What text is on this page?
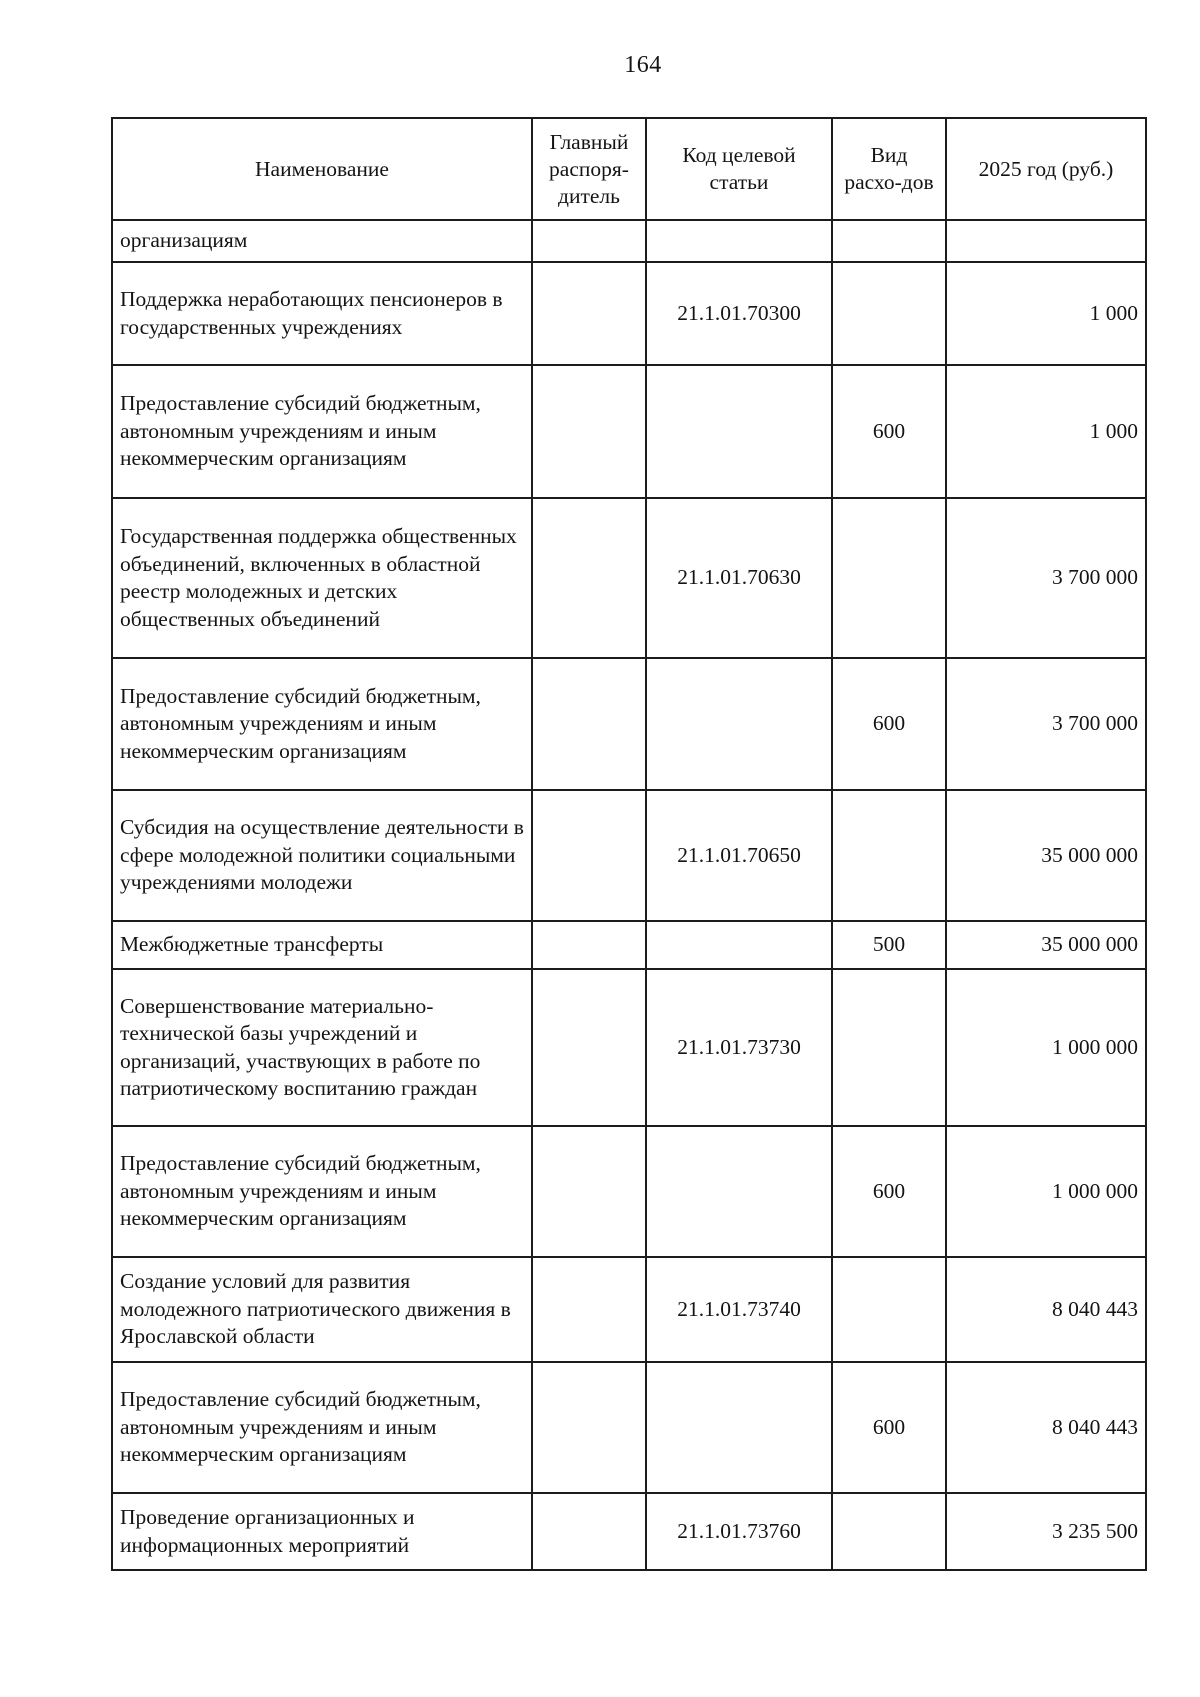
164
Наименование	Главный распоря-дитель	Код целевой статьи	Вид расхо-дов	2025 год (руб.)
организациям				
Поддержка неработающих пенсионеров в государственных учреждениях		21.1.01.70300		1 000
Предоставление субсидий бюджетным, автономным учреждениям и иным некоммерческим организациям			600	1 000
Государственная поддержка общественных объединений, включенных в областной реестр молодежных и детских общественных объединений		21.1.01.70630		3 700 000
Предоставление субсидий бюджетным, автономным учреждениям и иным некоммерческим организациям			600	3 700 000
Субсидия на осуществление деятельности в сфере молодежной политики социальными учреждениями молодежи		21.1.01.70650		35 000 000
Межбюджетные трансферты			500	35 000 000
Совершенствование материально-технической базы учреждений и организаций, участвующих в работе по патриотическому воспитанию граждан		21.1.01.73730		1 000 000
Предоставление субсидий бюджетным, автономным учреждениям и иным некоммерческим организациям			600	1 000 000
Создание условий для развития молодежного патриотического движения в Ярославской области		21.1.01.73740		8 040 443
Предоставление субсидий бюджетным, автономным учреждениям и иным некоммерческим организациям			600	8 040 443
Проведение организационных и информационных мероприятий		21.1.01.73760		3 235 500
